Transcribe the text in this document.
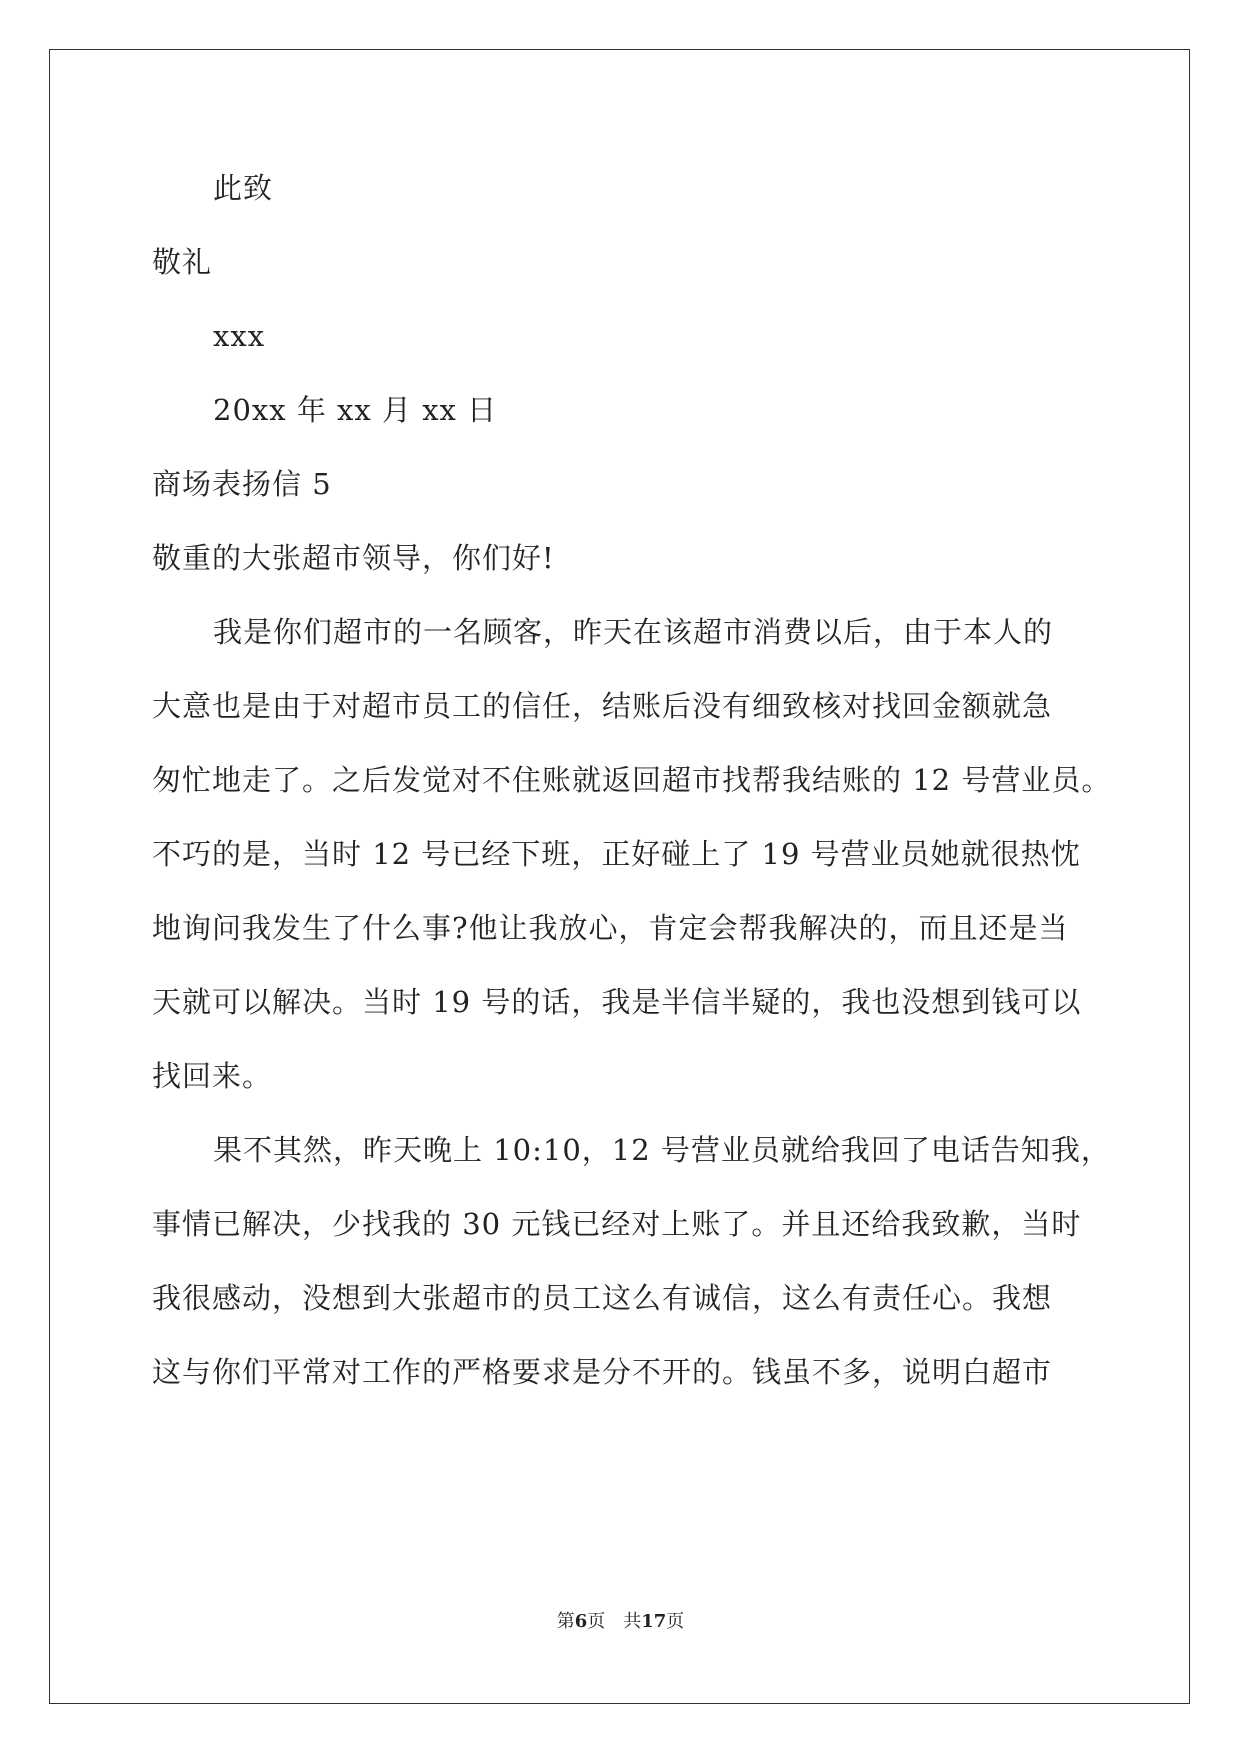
此致
敬礼
xxx
20xx 年 xx 月 xx 日
商场表扬信 5
敬重的大张超市领导，你们好!
我是你们超市的一名顾客，昨天在该超市消费以后，由于本人的
大意也是由于对超市员工的信任，结账后没有细致核对找回金额就急
匆忙地走了。之后发觉对不住账就返回超市找帮我结账的 12 号营业员。
不巧的是，当时 12 号已经下班，正好碰上了 19 号营业员她就很热忱
地询问我发生了什么事?他让我放心，肯定会帮我解决的，而且还是当
天就可以解决。当时 19 号的话，我是半信半疑的，我也没想到钱可以
找回来。
果不其然，昨天晚上 10:10，12 号营业员就给我回了电话告知我，
事情已解决，少找我的 30 元钱已经对上账了。并且还给我致歉，当时
我很感动，没想到大张超市的员工这么有诚信，这么有责任心。我想
这与你们平常对工作的严格要求是分不开的。钱虽不多，说明白超市
第6页 共17页
